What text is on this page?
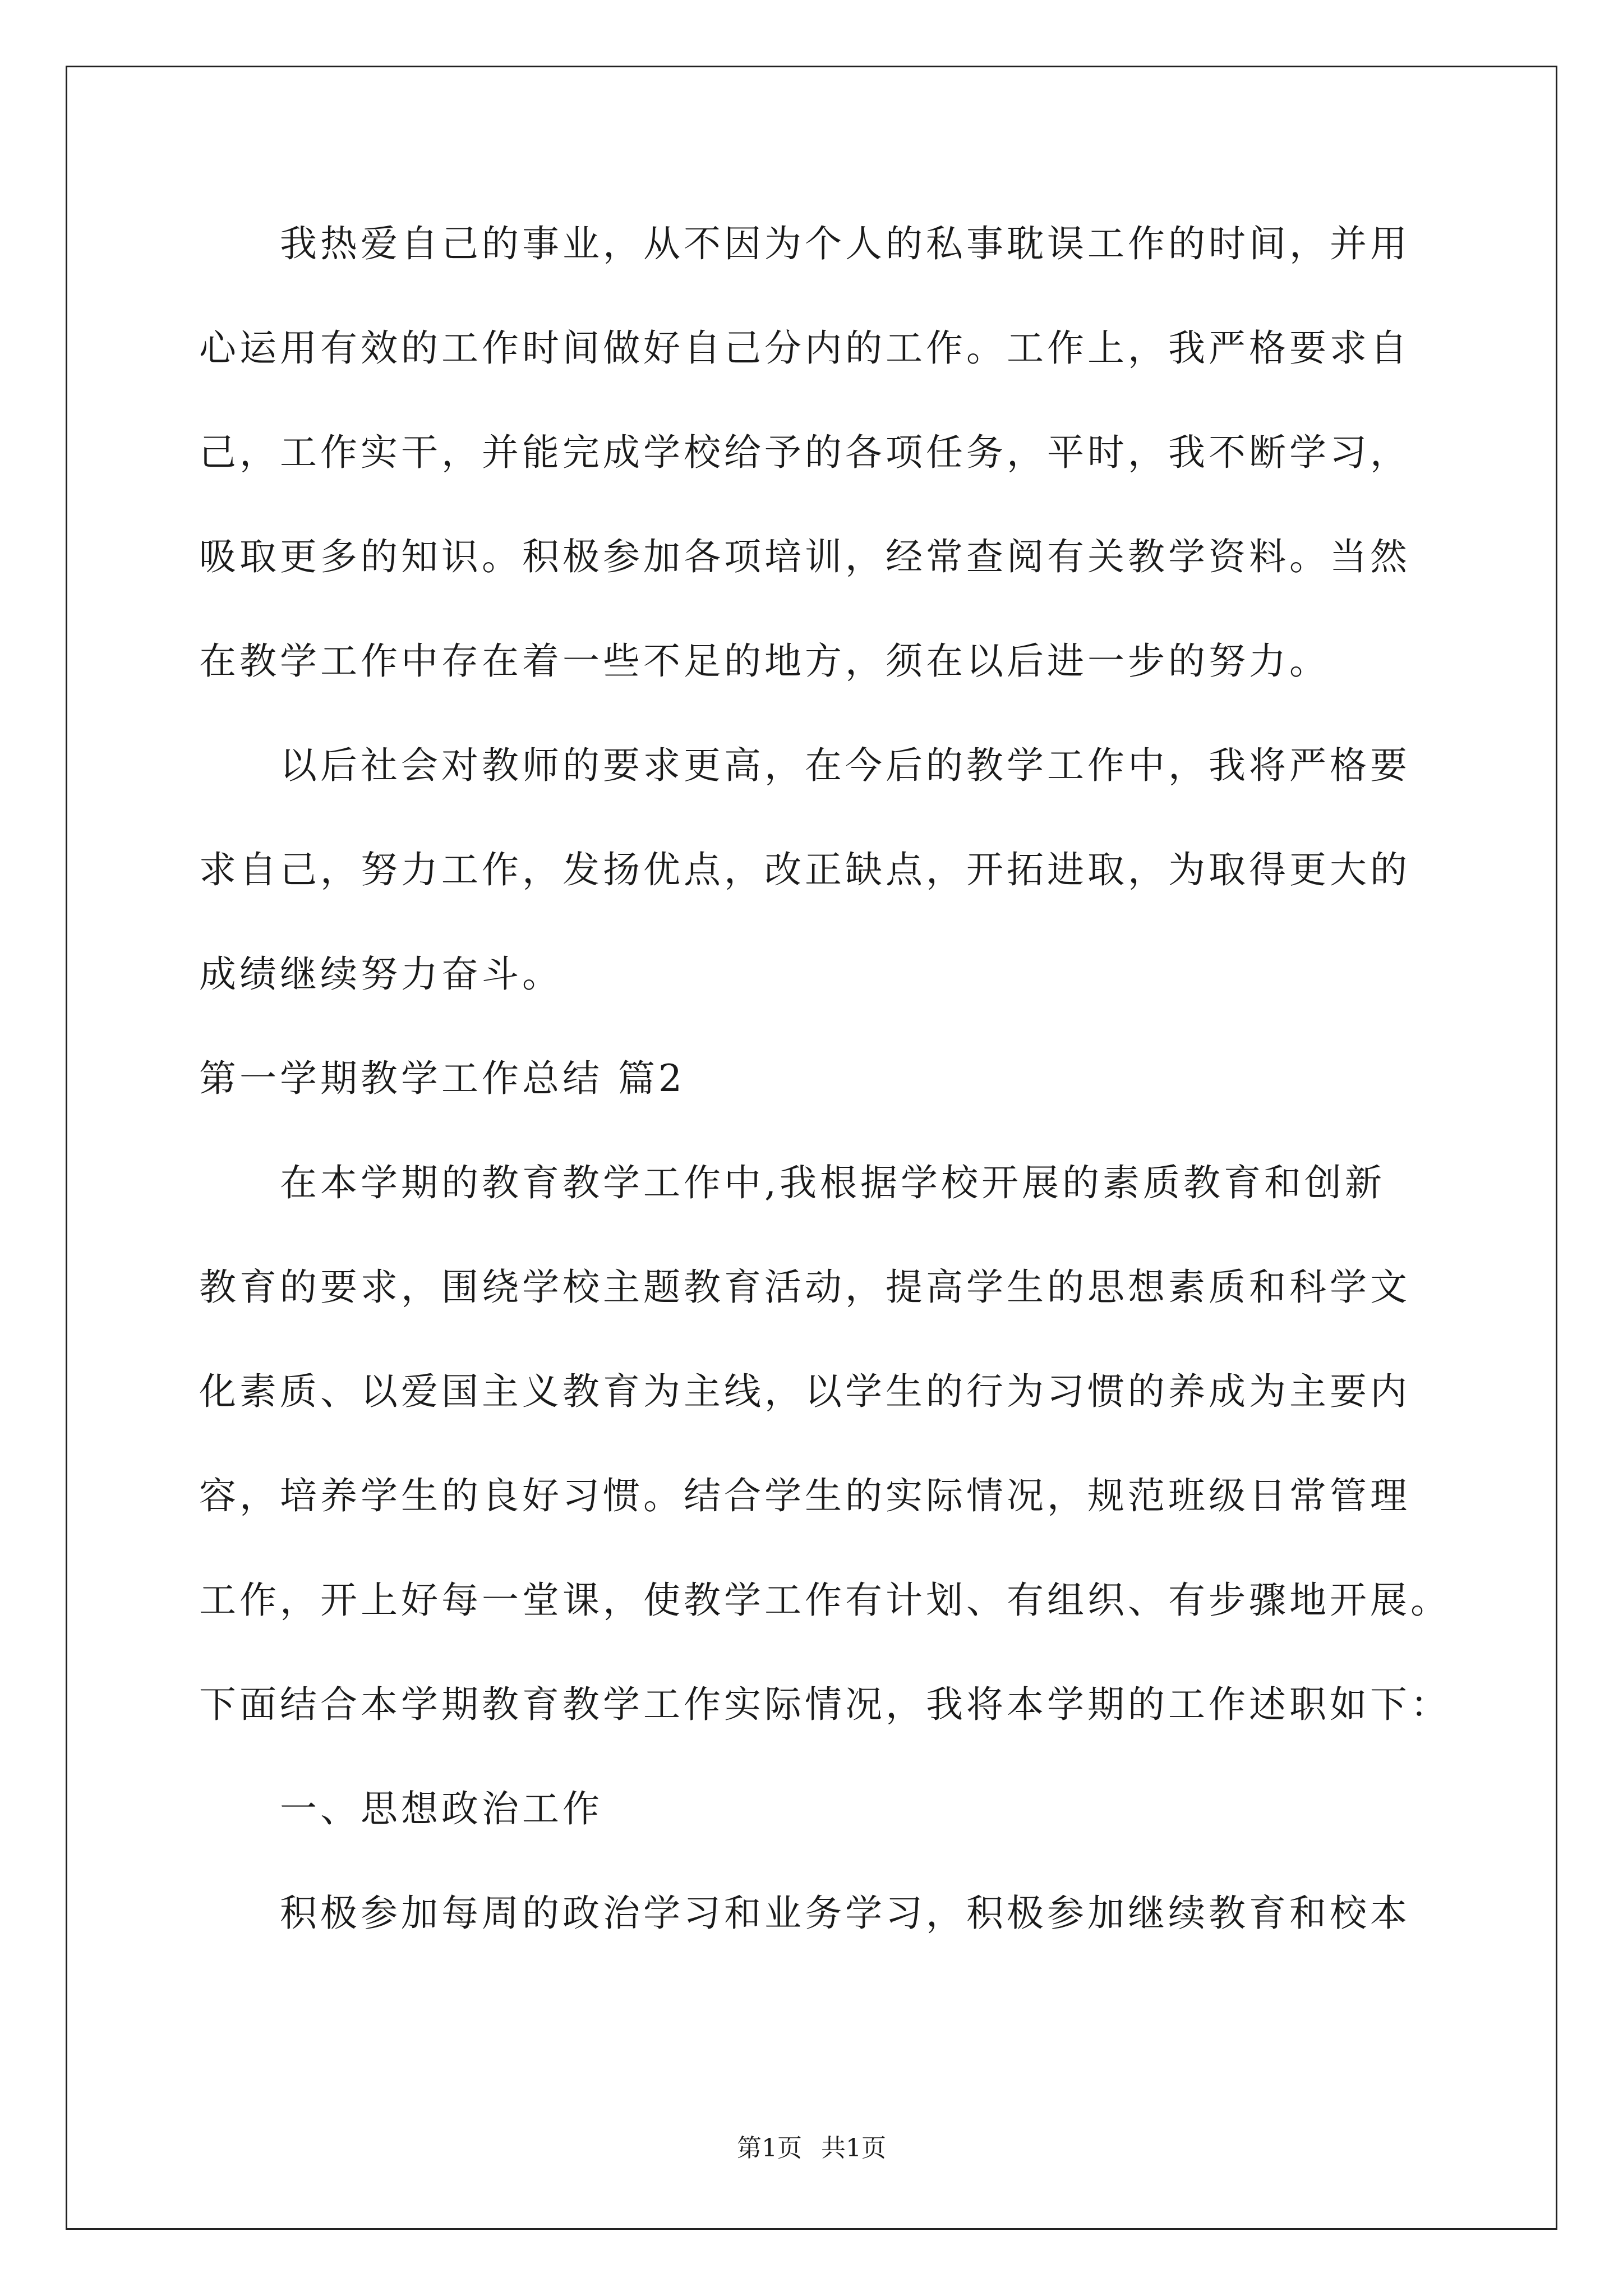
　　我热爱自己的事业，从不因为个人的私事耽误工作的时间，并用
心运用有效的工作时间做好自己分内的工作。工作上，我严格要求自
己，工作实干，并能完成学校给予的各项任务，平时，我不断学习，
吸取更多的知识。积极参加各项培训，经常查阅有关教学资料。当然
在教学工作中存在着一些不足的地方，须在以后进一步的努力。
　　以后社会对教师的要求更高，在今后的教学工作中，我将严格要
求自己，努力工作，发扬优点，改正缺点，开拓进取，为取得更大的
成绩继续努力奋斗。
第一学期教学工作总结 篇2
　　在本学期的教育教学工作中,我根据学校开展的素质教育和创新
教育的要求，围绕学校主题教育活动，提高学生的思想素质和科学文
化素质、以爱国主义教育为主线，以学生的行为习惯的养成为主要内
容，培养学生的良好习惯。结合学生的实际情况，规范班级日常管理
工作，开上好每一堂课，使教学工作有计划、有组织、有步骤地开展。
下面结合本学期教育教学工作实际情况，我将本学期的工作述职如下：
　　一、思想政治工作
　　积极参加每周的政治学习和业务学习，积极参加继续教育和校本
第1页 共1页
